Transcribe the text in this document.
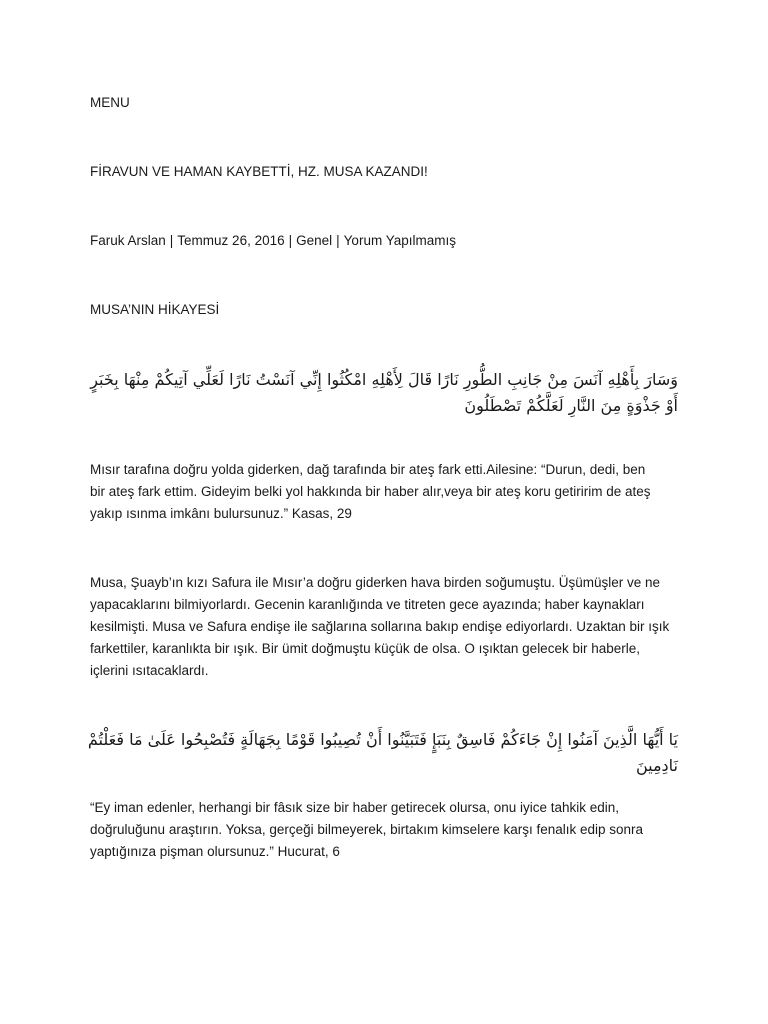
MENU
FİRAVUN VE HAMAN KAYBETTİ, HZ. MUSA KAZANDI!
Faruk Arslan | Temmuz 26, 2016 | Genel | Yorum Yapılmamış
MUSA’NIN HİKAYESİ
وَسَارَ بِأَهْلِهِ آنَسَ مِنْ جَانِبِ الطُّورِ نَارًا قَالَ لِأَهْلِهِ امْكُثُوا إِنِّي آنَسْتُ نَارًا لَعَلِّي آتِيكُمْ مِنْهَا بِخَبَرٍ أَوْ جَذْوَةٍ مِنَ النَّارِ لَعَلَّكُمْ تَصْطَلُونَ

Mısır tarafına doğru yolda giderken, dağ tarafında bir ateş fark etti.Ailesine: “Durun, dedi, ben

bir ateş fark ettim. Gideyim belki yol hakkında bir haber alır,veya bir ateş koru getiririm de ateş

yakıp ısınma imkânı bulursunuz.” Kasas, 29

Musa, Şuayb’ın kızı Safura ile Mısır’a doğru giderken hava birden soğumuştu. Üşümüşler ve ne

yapacaklarını bilmiyorlardı. Gecenin karanlığında ve titreten gece ayazında; haber kaynakları

kesilmişti. Musa ve Safura endişe ile sağlarına sollarına bakıp endişe ediyorlardı. Uzaktan bir ışık

farkettiler, karanlıkta bir ışık. Bir ümit doğmuştu küçük de olsa. O ışıktan gelecek bir haberle,

içlerini ısıtacaklardı.

يَا أَيُّهَا الَّذِينَ آمَنُوا إِنْ جَاءَكُمْ فَاسِقٌ بِنَبَإٍ فَتَبَيَّنُوا أَنْ تُصِيبُوا قَوْمًا بِجَهَالَةٍ فَتُصْبِحُوا عَلَىٰ مَا فَعَلْتُمْ نَادِمِينَ

“Ey iman edenler, herhangi bir fâsık size bir haber getirecek olursa, onu iyice tahkik edin,

doğruluğunu araştırın. Yoksa, gerçeği bilmeyerek, birtakım kimselere karşı fenalık edip sonra

yaptığınıza pişman olursunuz.” Hucurat, 6
